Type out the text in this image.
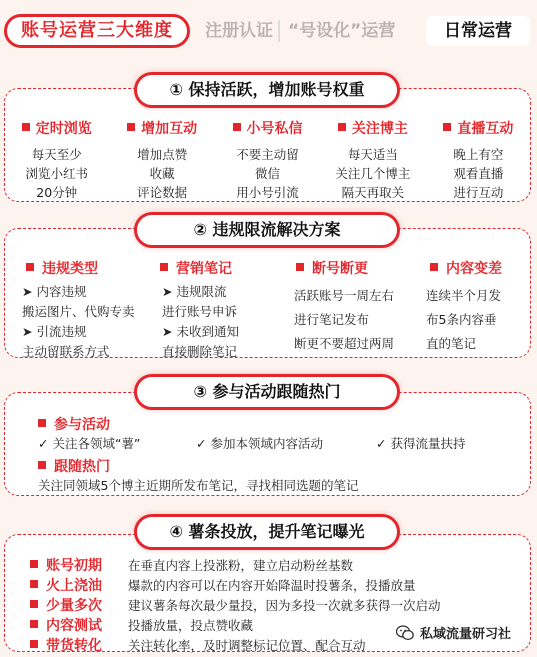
账号运营三大维度	注册认证 “号设化”运营	日常运营
① 保持活跃，增加账号权重
定时浏览
每天至少
浏览小红书
20分钟
增加互动
增加点赞
收藏
评论数据
小号私信
不要主动留
微信
用小号引流
关注博主
每天适当
关注几个博主
隔天再取关
直播互动
晚上有空
观看直播
进行互动
② 违规限流解决方案
违规类型
➤ 内容违规
搬运图片、代购专卖
➤ 引流违规
主动留联系方式
营销笔记
➤ 违规限流
进行账号申诉
➤ 未收到通知
直接删除笔记
断号断更
活跃账号一周左右
进行笔记发布
断更不要超过两周
内容变差
连续半个月发
布5条内容垂
直的笔记
③ 参与活动跟随热门
参与活动
✓ 关注各领域“薯”	✓ 参加本领域内容活动	✓ 获得流量扶持
跟随热门
关注同领域5个博主近期所发布笔记，寻找相同选题的笔记
④ 薯条投放，提升笔记曝光
账号初期 在垂直内容上投涨粉，建立启动粉丝基数
火上浇油 爆款的内容可以在内容开始降温时投薯条，投播放量
少量多次 建议薯条每次最少量投，因为多投一次就多获得一次启动
内容测试 投播放量，投点赞收藏
带货转化 关注转化率，及时调整标记位置、配合互动
私域流量研习社
